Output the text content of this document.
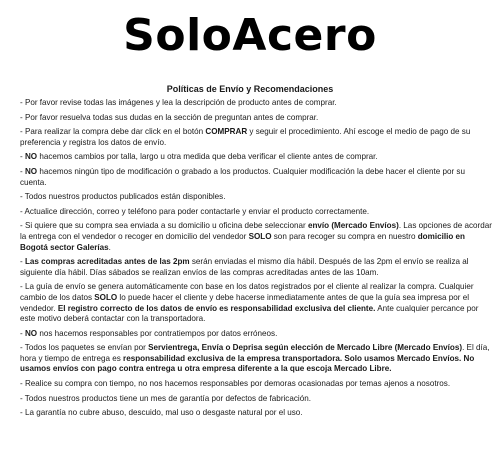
SoloAcero
Políticas de Envío y Recomendaciones

- Por favor revise todas las imágenes y lea la descripción de producto antes de comprar.

- Por favor resuelva todas sus dudas en la sección de preguntan antes de comprar.

- Para realizar la compra debe dar click en el botón COMPRAR y seguir el procedimiento. Ahí escoge el medio de pago de su preferencia y registra los datos de envío.

- NO hacemos cambios por talla, largo u otra medida que deba verificar el cliente antes de comprar.

- NO hacemos ningún tipo de modificación o grabado a los productos. Cualquier modificación la debe hacer el cliente por su cuenta.

- Todos nuestros productos publicados están disponibles.

- Actualice dirección, correo y teléfono para poder contactarle y enviar el producto correctamente.

- Si quiere que su compra sea enviada a su domicilio u oficina debe seleccionar envío (Mercado Envíos). Las opciones de acordar la entrega con el vendedor o recoger en domicilio del vendedor SOLO son para recoger su compra en nuestro domicilio en Bogotá sector Galerías.

- Las compras acreditadas antes de las 2pm serán enviadas el mismo día hábil. Después de las 2pm el envío se realiza al siguiente día hábil. Días sábados se realizan envíos de las compras acreditadas antes de las 10am.

- La guía de envío se genera automáticamente con base en los datos registrados por el cliente al realizar la compra. Cualquier cambio de los datos SOLO lo puede hacer el cliente y debe hacerse inmediatamente antes de que la guía sea impresa por el vendedor. El registro correcto de los datos de envío es responsabilidad exclusiva del cliente. Ante cualquier percance por este motivo deberá contactar con la transportadora.

- NO nos hacemos responsables por contratiempos por datos erróneos.

- Todos los paquetes se envían por Servientrega, Envía o Deprisa según elección de Mercado Libre (Mercado Envíos). El día, hora y tiempo de entrega es responsabilidad exclusiva de la empresa transportadora. Solo usamos Mercado Envíos. No usamos envíos con pago contra entrega u otra empresa diferente a la que escoja Mercado Libre.

- Realice su compra con tiempo, no nos hacemos responsables por demoras ocasionadas por temas ajenos a nosotros.

- Todos nuestros productos tiene un mes de garantía por defectos de fabricación.

- La garantía no cubre abuso, descuido, mal uso o desgaste natural por el uso.
